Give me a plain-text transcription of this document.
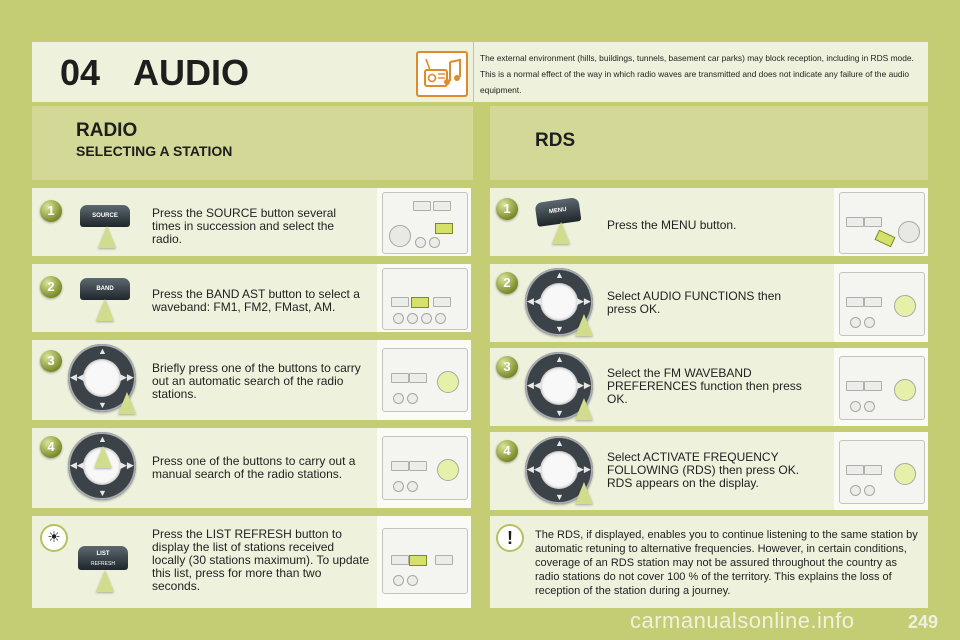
04 AUDIO	The external environment (hills, buildings, tunnels, basement car parks) may block reception, including in RDS mode. This is a normal effect of the way in which radio waves are transmitted and does not indicate any failure of the audio equipment.
RADIO
SELECTING A STATION	RDS
1	SOURCE	Press the SOURCE button several times in succession and select the radio.
2	BAND	Press the BAND AST button to select a waveband: FM1, FM2, FMast, AM.
3
▲
▼
◀◀	▶▶
Briefly press one of the buttons to carry out an automatic search of the radio stations.
4	▲
▼
◀◀	▶▶ Press one of the buttons to carry out a manual search of the radio stations.
☀
LIST
REFRESH
Press the LIST REFRESH button to display the list of stations received locally (30 stations maximum). To update this list, press for more than two seconds.
1	MENU
Press the MENU button.
2	▲
▼
◀◀	▶▶ Select AUDIO FUNCTIONS then press OK.
3	▲
▼
◀◀	▶▶
Select the FM WAVEBAND PREFERENCES function then press OK.
4	▲
▼
◀◀	▶▶
Select ACTIVATE FREQUENCY FOLLOWING (RDS) then press OK. RDS appears on the display.
!	The RDS, if displayed, enables you to continue listening to the same station by automatic retuning to alternative frequencies. However, in certain conditions, coverage of an RDS station may not be assured throughout the country as radio stations do not cover 100 % of the territory. This explains the loss of reception of the station during a journey.
carmanualsonline.info	249
